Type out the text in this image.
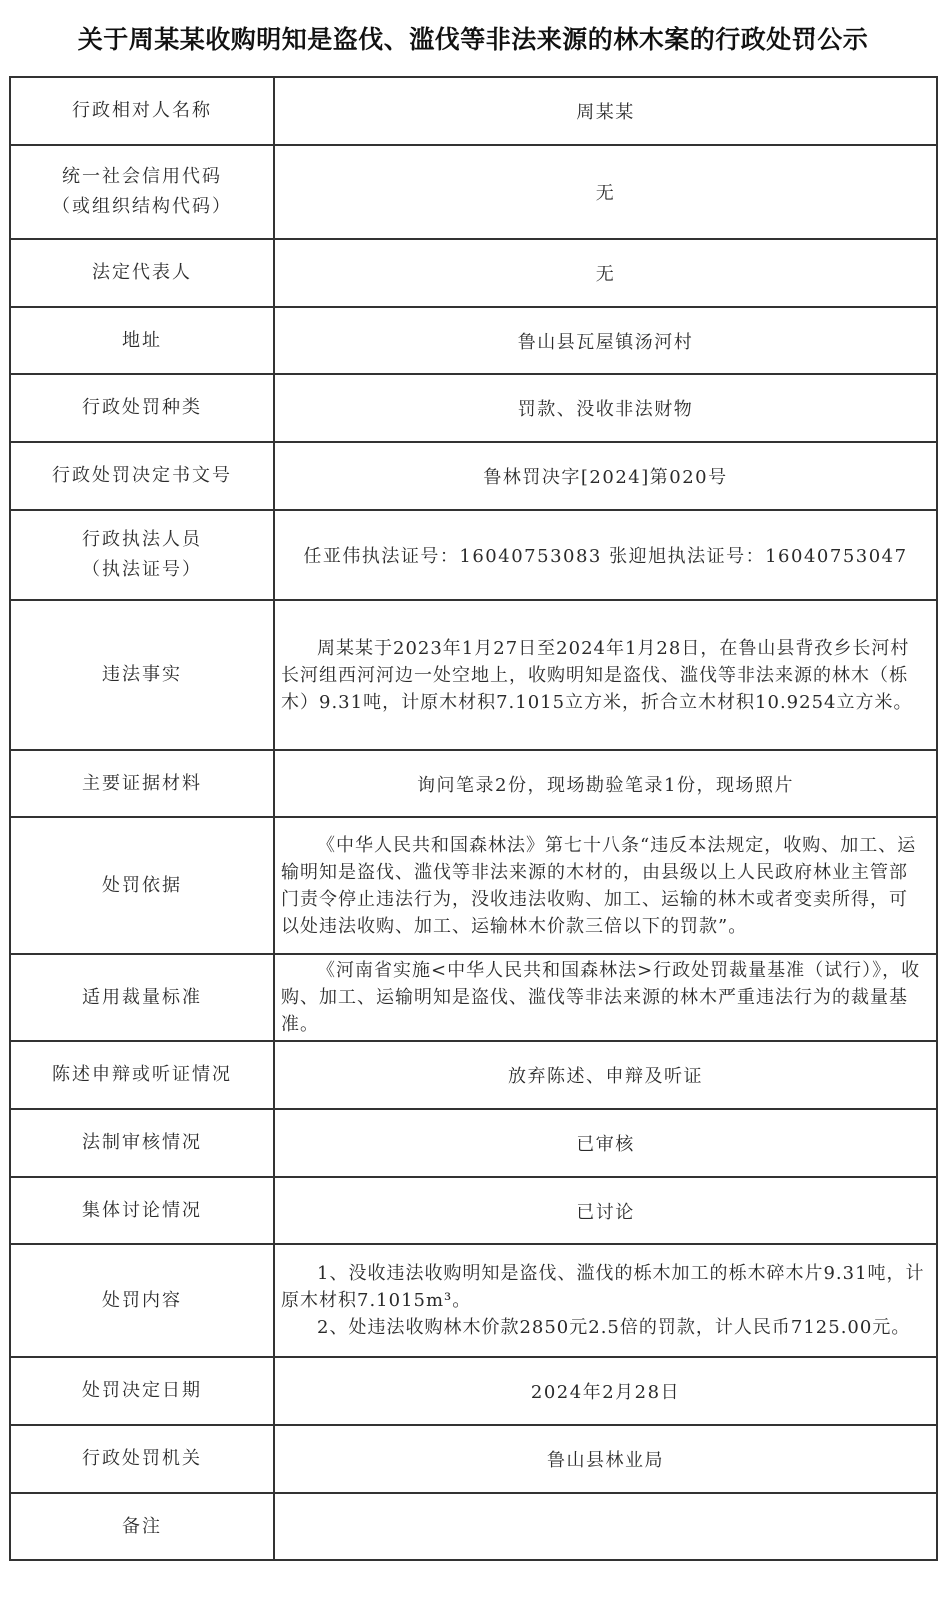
关于周某某收购明知是盗伐、滥伐等非法来源的林木案的行政处罚公示
行政相对人名称	周某某

统一社会信用代码
（或组织结构代码）	无
法定代表人	无
地址	鲁山县瓦屋镇汤河村
行政处罚种类	罚款、没收非法财物
行政处罚决定书文号	鲁林罚决字[2024]第020号

行政执法人员
（执法证号）	任亚伟执法证号：16040753083 张迎旭执法证号：16040753047
违法事实	周某某于2023年1月27日至2024年1月28日，在鲁山县背孜乡长河村长河组西河河边一处空地上，收购明知是盗伐、滥伐等非法来源的林木（栎木）9.31吨，计原木材积7.1015立方米，折合立木材积10.9254立方米。

主要证据材料	询问笔录2份，现场勘验笔录1份，现场照片
处罚依据	《中华人民共和国森林法》第七十八条“违反本法规定，收购、加工、运输明知是盗伐、滥伐等非法来源的木材的，由县级以上人民政府林业主管部门责令停止违法行为，没收违法收购、加工、运输的林木或者变卖所得，可以处违法收购、加工、运输林木价款三倍以下的罚款”。

适用裁量标准	《河南省实施<中华人民共和国森林法>行政处罚裁量基准（试行）》，收购、加工、运输明知是盗伐、滥伐等非法来源的林木严重违法行为的裁量基准。

陈述申辩或听证情况	放弃陈述、申辩及听证
法制审核情况	已审核
集体讨论情况	已讨论
处罚内容	1、没收违法收购明知是盗伐、滥伐的栎木加工的栎木碎木片9.31吨，计原木材积7.1015m³。

2、处违法收购林木价款2850元2.5倍的罚款，计人民币7125.00元。

处罚决定日期	2024年2月28日
行政处罚机关	鲁山县林业局
备注	
